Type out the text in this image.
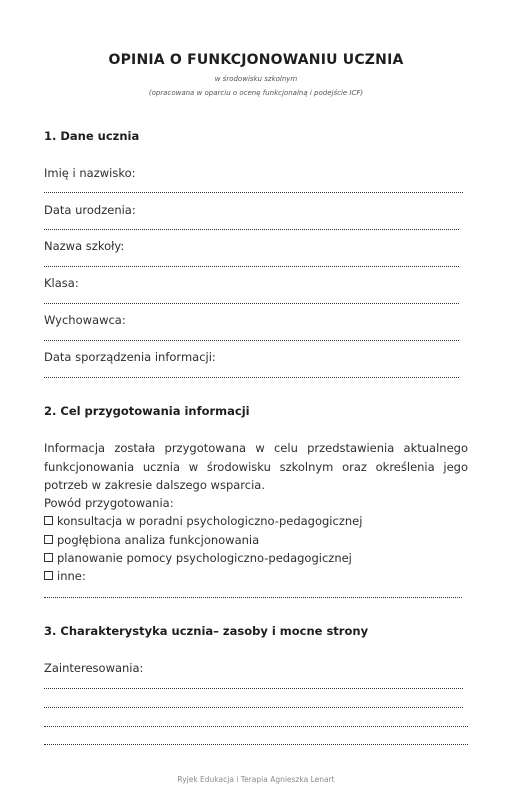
OPINIA O FUNKCJONOWANIU UCZNIA
w środowisku szkolnym
(opracowana w oparciu o ocenę funkcjonalną i podejście ICF)
1. Dane ucznia
Imię i nazwisko:
Data urodzenia:
Nazwa szkoły:
Klasa:
Wychowawca:
Data sporządzenia informacji:
2. Cel przygotowania informacji
Informacja została przygotowana w celu przedstawienia aktualnego funkcjonowania ucznia w środowisku szkolnym oraz określenia jego potrzeb w zakresie dalszego wsparcia.
Powód przygotowania:
konsultacja w poradni psychologiczno-pedagogicznej
pogłębiona analiza funkcjonowania
planowanie pomocy psychologiczno-pedagogicznej
inne:
3. Charakterystyka ucznia– zasoby i mocne strony
Zainteresowania:
Ryjek Edukacja i Terapia Agnieszka Lenart
